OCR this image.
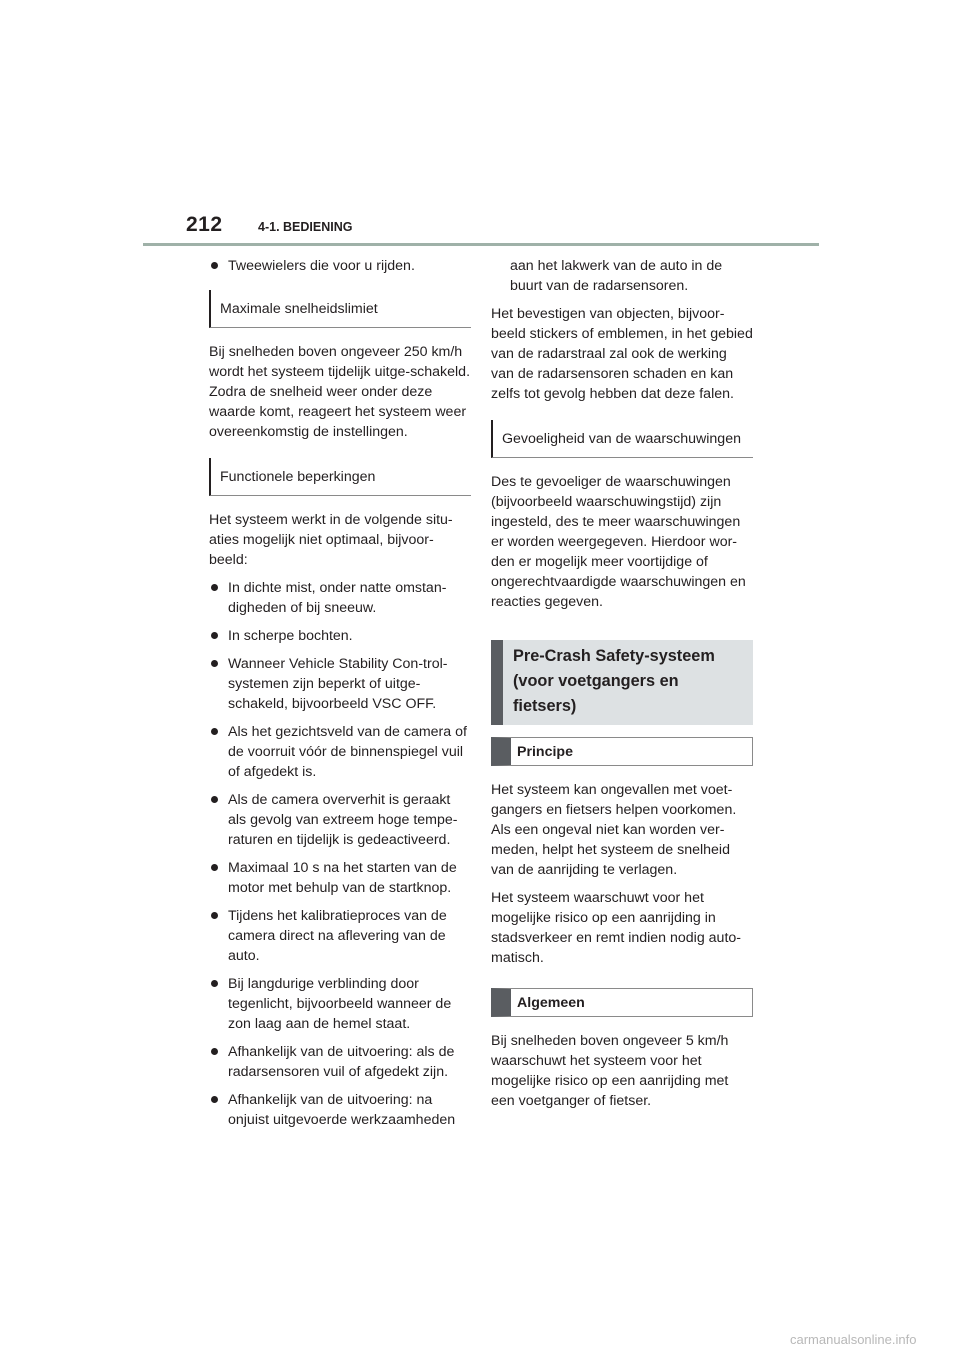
212	4-1. BEDIENING
Tweewielers die voor u rijden.
Maximale snelheidslimiet

Bij snelheden boven ongeveer 250 km/h wordt het systeem tijdelijk uitge-schakeld. Zodra de snelheid weer onder deze waarde komt, reageert het systeem weer overeenkomstig de instellingen.

Functionele beperkingen

Het systeem werkt in de volgende situ-aties mogelijk niet optimaal, bijvoor-beeld:

In dichte mist, onder natte omstan-digheden of bij sneeuw.
In scherpe bochten.
Wanneer Vehicle Stability Con-trol-systemen zijn beperkt of uitge-schakeld, bijvoorbeeld VSC OFF.
Als het gezichtsveld van de camera of de voorruit vóór de binnenspiegel vuil of afgedekt is.
Als de camera oververhit is geraakt als gevolg van extreem hoge tempe-raturen en tijdelijk is gedeactiveerd.
Maximaal 10 s na het starten van de motor met behulp van de startknop.
Tijdens het kalibratieproces van de camera direct na aflevering van de auto.
Bij langdurige verblinding door tegenlicht, bijvoorbeeld wanneer de zon laag aan de hemel staat.
Afhankelijk van de uitvoering: als de radarsensoren vuil of afgedekt zijn.
Afhankelijk van de uitvoering: na onjuist uitgevoerde werkzaamheden
aan het lakwerk van de auto in de buurt van de radarsensoren.

Het bevestigen van objecten, bijvoor-beeld stickers of emblemen, in het gebied van de radarstraal zal ook de werking van de radarsensoren schaden en kan zelfs tot gevolg hebben dat deze falen.

Gevoeligheid van de waarschuwingen

Des te gevoeliger de waarschuwingen (bijvoorbeeld waarschuwingstijd) zijn ingesteld, des te meer waarschuwingen er worden weergegeven. Hierdoor wor-den er mogelijk meer voortijdige of ongerechtvaardigde waarschuwingen en reacties gegeven.

Pre-Crash Safety-systeem (voor voetgangers en fietsers)
Principe

Het systeem kan ongevallen met voet-gangers en fietsers helpen voorkomen. Als een ongeval niet kan worden ver-meden, helpt het systeem de snelheid van de aanrijding te verlagen.

Het systeem waarschuwt voor het mogelijke risico op een aanrijding in stadsverkeer en remt indien nodig auto-matisch.

Algemeen

Bij snelheden boven ongeveer 5 km/h waarschuwt het systeem voor het mogelijke risico op een aanrijding met een voetganger of fietser.

carmanualsonline.info
